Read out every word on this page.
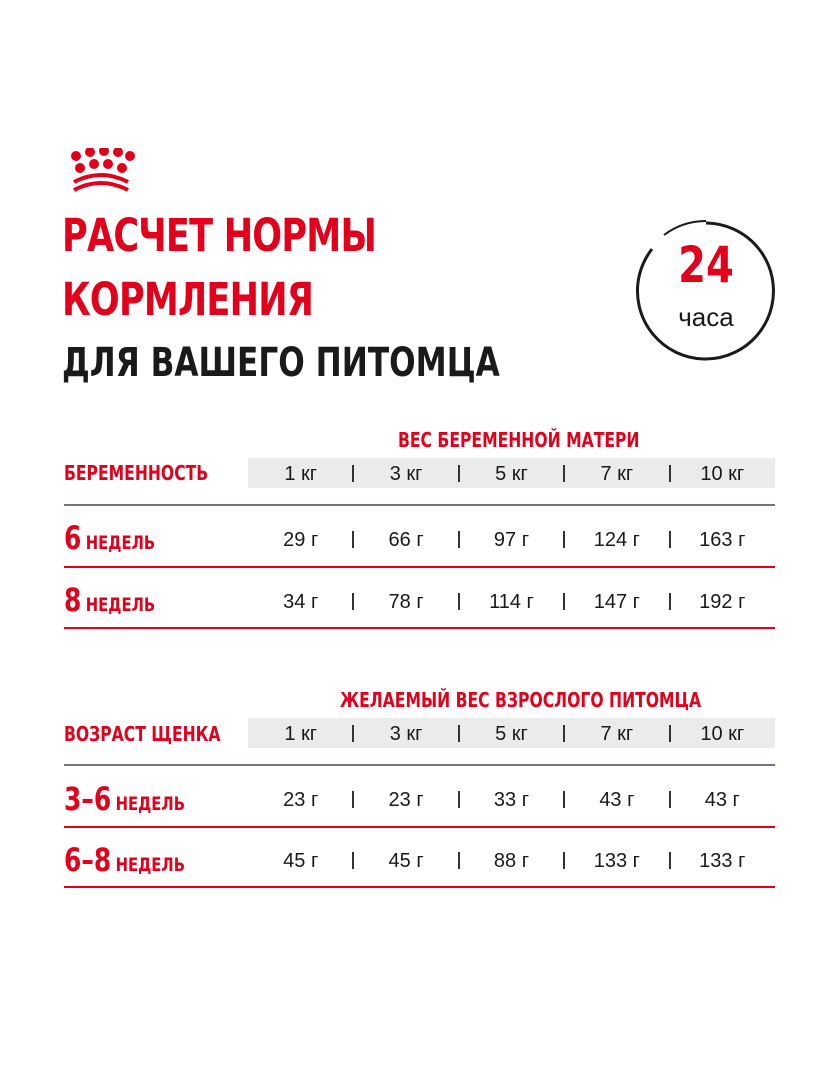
РАСЧЕТ НОРМЫ
КОРМЛЕНИЯ
ДЛЯ ВАШЕГО ПИТОМЦА
24
часа
ВЕС БЕРЕМЕННОЙ МАТЕРИ
БЕРЕМЕННОСТЬ	1 кг	3 кг	5 кг	7 кг	10 кг
6 НЕДЕЛЬ	29 г	66 г	97 г	124 г	163 г
8 НЕДЕЛЬ	34 г	78 г	114 г	147 г	192 г
ЖЕЛАЕМЫЙ ВЕС ВЗРОСЛОГО ПИТОМЦА
ВОЗРАСТ ЩЕНКА	1 кг	3 кг	5 кг	7 кг	10 кг
3–6 НЕДЕЛЬ	23 г	23 г	33 г	43 г	43 г
6–8 НЕДЕЛЬ	45 г	45 г	88 г	133 г	133 г
